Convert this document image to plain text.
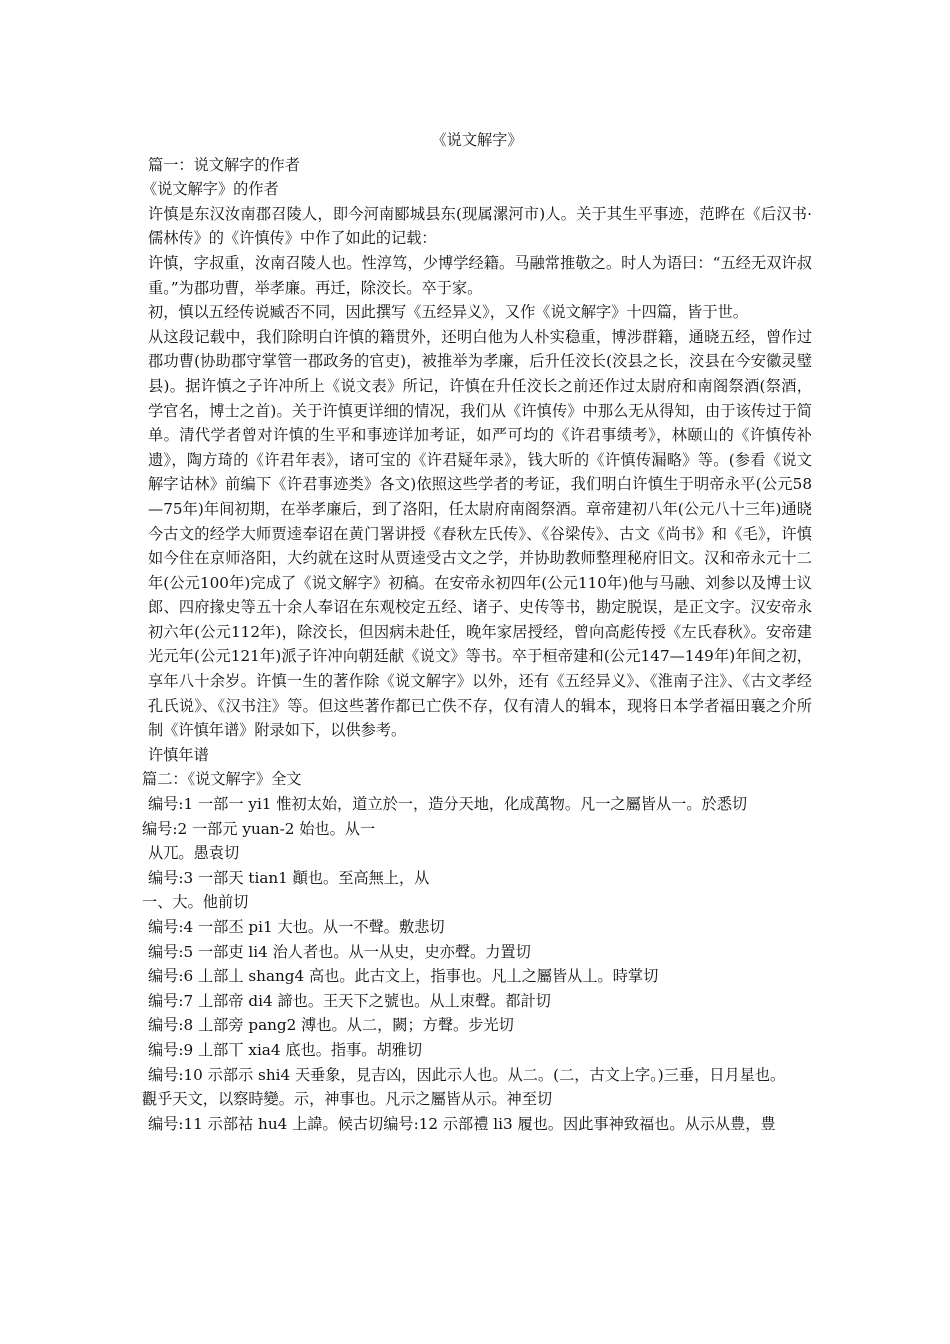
《说文解字》

篇一：说文解字的作者

《说文解字》的作者

许慎是东汉汝南郡召陵人，即今河南郾城县东(现属漯河市)人。关于其生平事迹，范晔在《后汉书·儒林传》的《许慎传》中作了如此的记载：

许慎，字叔重，汝南召陵人也。性淳笃，少博学经籍。马融常推敬之。时人为语曰：“五经无双许叔重。”为郡功曹，举孝廉。再迁，除洨长。卒于家。

初，慎以五经传说臧否不同，因此撰写《五经异义》，又作《说文解字》十四篇，皆于世。

从这段记载中，我们除明白许慎的籍贯外，还明白他为人朴实稳重，博涉群籍，通晓五经，曾作过郡功曹(协助郡守掌管一郡政务的官吏)，被推举为孝廉，后升任洨长(洨县之长，洨县在今安徽灵璧县)。据许慎之子许冲所上《说文表》所记，许慎在升任洨长之前还作过太尉府和南阁祭酒(祭酒，学官名，博士之首)。关于许慎更详细的情况，我们从《许慎传》中那么无从得知，由于该传过于简单。清代学者曾对许慎的生平和事迹详加考证，如严可均的《许君事绩考》，林颐山的《许慎传补遗》，陶方琦的《许君年表》，诸可宝的《许君疑年录》，钱大昕的《许慎传漏略》等。(参看《说文解字诂林》前编下《许君事迹类》各文)依照这些学者的考证，我们明白许慎生于明帝永平(公元58—75年)年间初期，在举孝廉后，到了洛阳，任太尉府南阁祭酒。章帝建初八年(公元八十三年)通晓今古文的经学大师贾逵奉诏在黄门署讲授《春秋左氏传》、《谷梁传》、古文《尚书》和《毛》，许慎如今住在京师洛阳，大约就在这时从贾逵受古文之学，并协助教师整理秘府旧文。汉和帝永元十二年(公元100年)完成了《说文解字》初稿。在安帝永初四年(公元110年)他与马融、刘参以及博士议郎、四府掾史等五十余人奉诏在东观校定五经、诸子、史传等书，勘定脱误，是正文字。汉安帝永初六年(公元112年)，除洨长，但因病未赴任，晚年家居授经，曾向高彪传授《左氏春秋》。安帝建光元年(公元121年)派子许冲向朝廷献《说文》等书。卒于桓帝建和(公元147—149年)年间之初，享年八十余岁。许慎一生的著作除《说文解字》以外，还有《五经异义》、《淮南子注》、《古文孝经孔氏说》、《汉书注》等。但这些著作都已亡佚不存，仅有清人的辑本，现将日本学者福田襄之介所制《许慎年谱》附录如下，以供参考。

许慎年谱

篇二：《说文解字》全文

编号:1 一部一 yi1 惟初太始，道立於一，造分天地，化成萬物。凡一之屬皆从一。於悉切

编号:2 一部元 yuan-2 始也。从一

从兀。愚袁切

编号:3 一部天 tian1 顚也。至高無上，从

一、大。他前切

编号:4 一部丕 pi1 大也。从一不聲。敷悲切

编号:5 一部吏 li4 治人者也。从一从史，史亦聲。力置切

编号:6 丄部丄 shang4 高也。此古文上，指事也。凡丄之屬皆从丄。時掌切

编号:7 丄部帝 di4 諦也。王天下之號也。从丄朿聲。都計切

编号:8 丄部旁 pang2 溥也。从二，闕；方聲。步光切

编号:9 丄部丅 xia4 底也。指事。胡雅切

编号:10 示部示 shi4 天垂象，見吉凶，因此示人也。从二。(二，古文上字。)三垂，日月星也。

觀乎天文，以察時變。示，神事也。凡示之屬皆从示。神至切

编号:11 示部祜 hu4 上諱。候古切编号:12 示部禮 li3 履也。因此事神致福也。从示从豊，豊
